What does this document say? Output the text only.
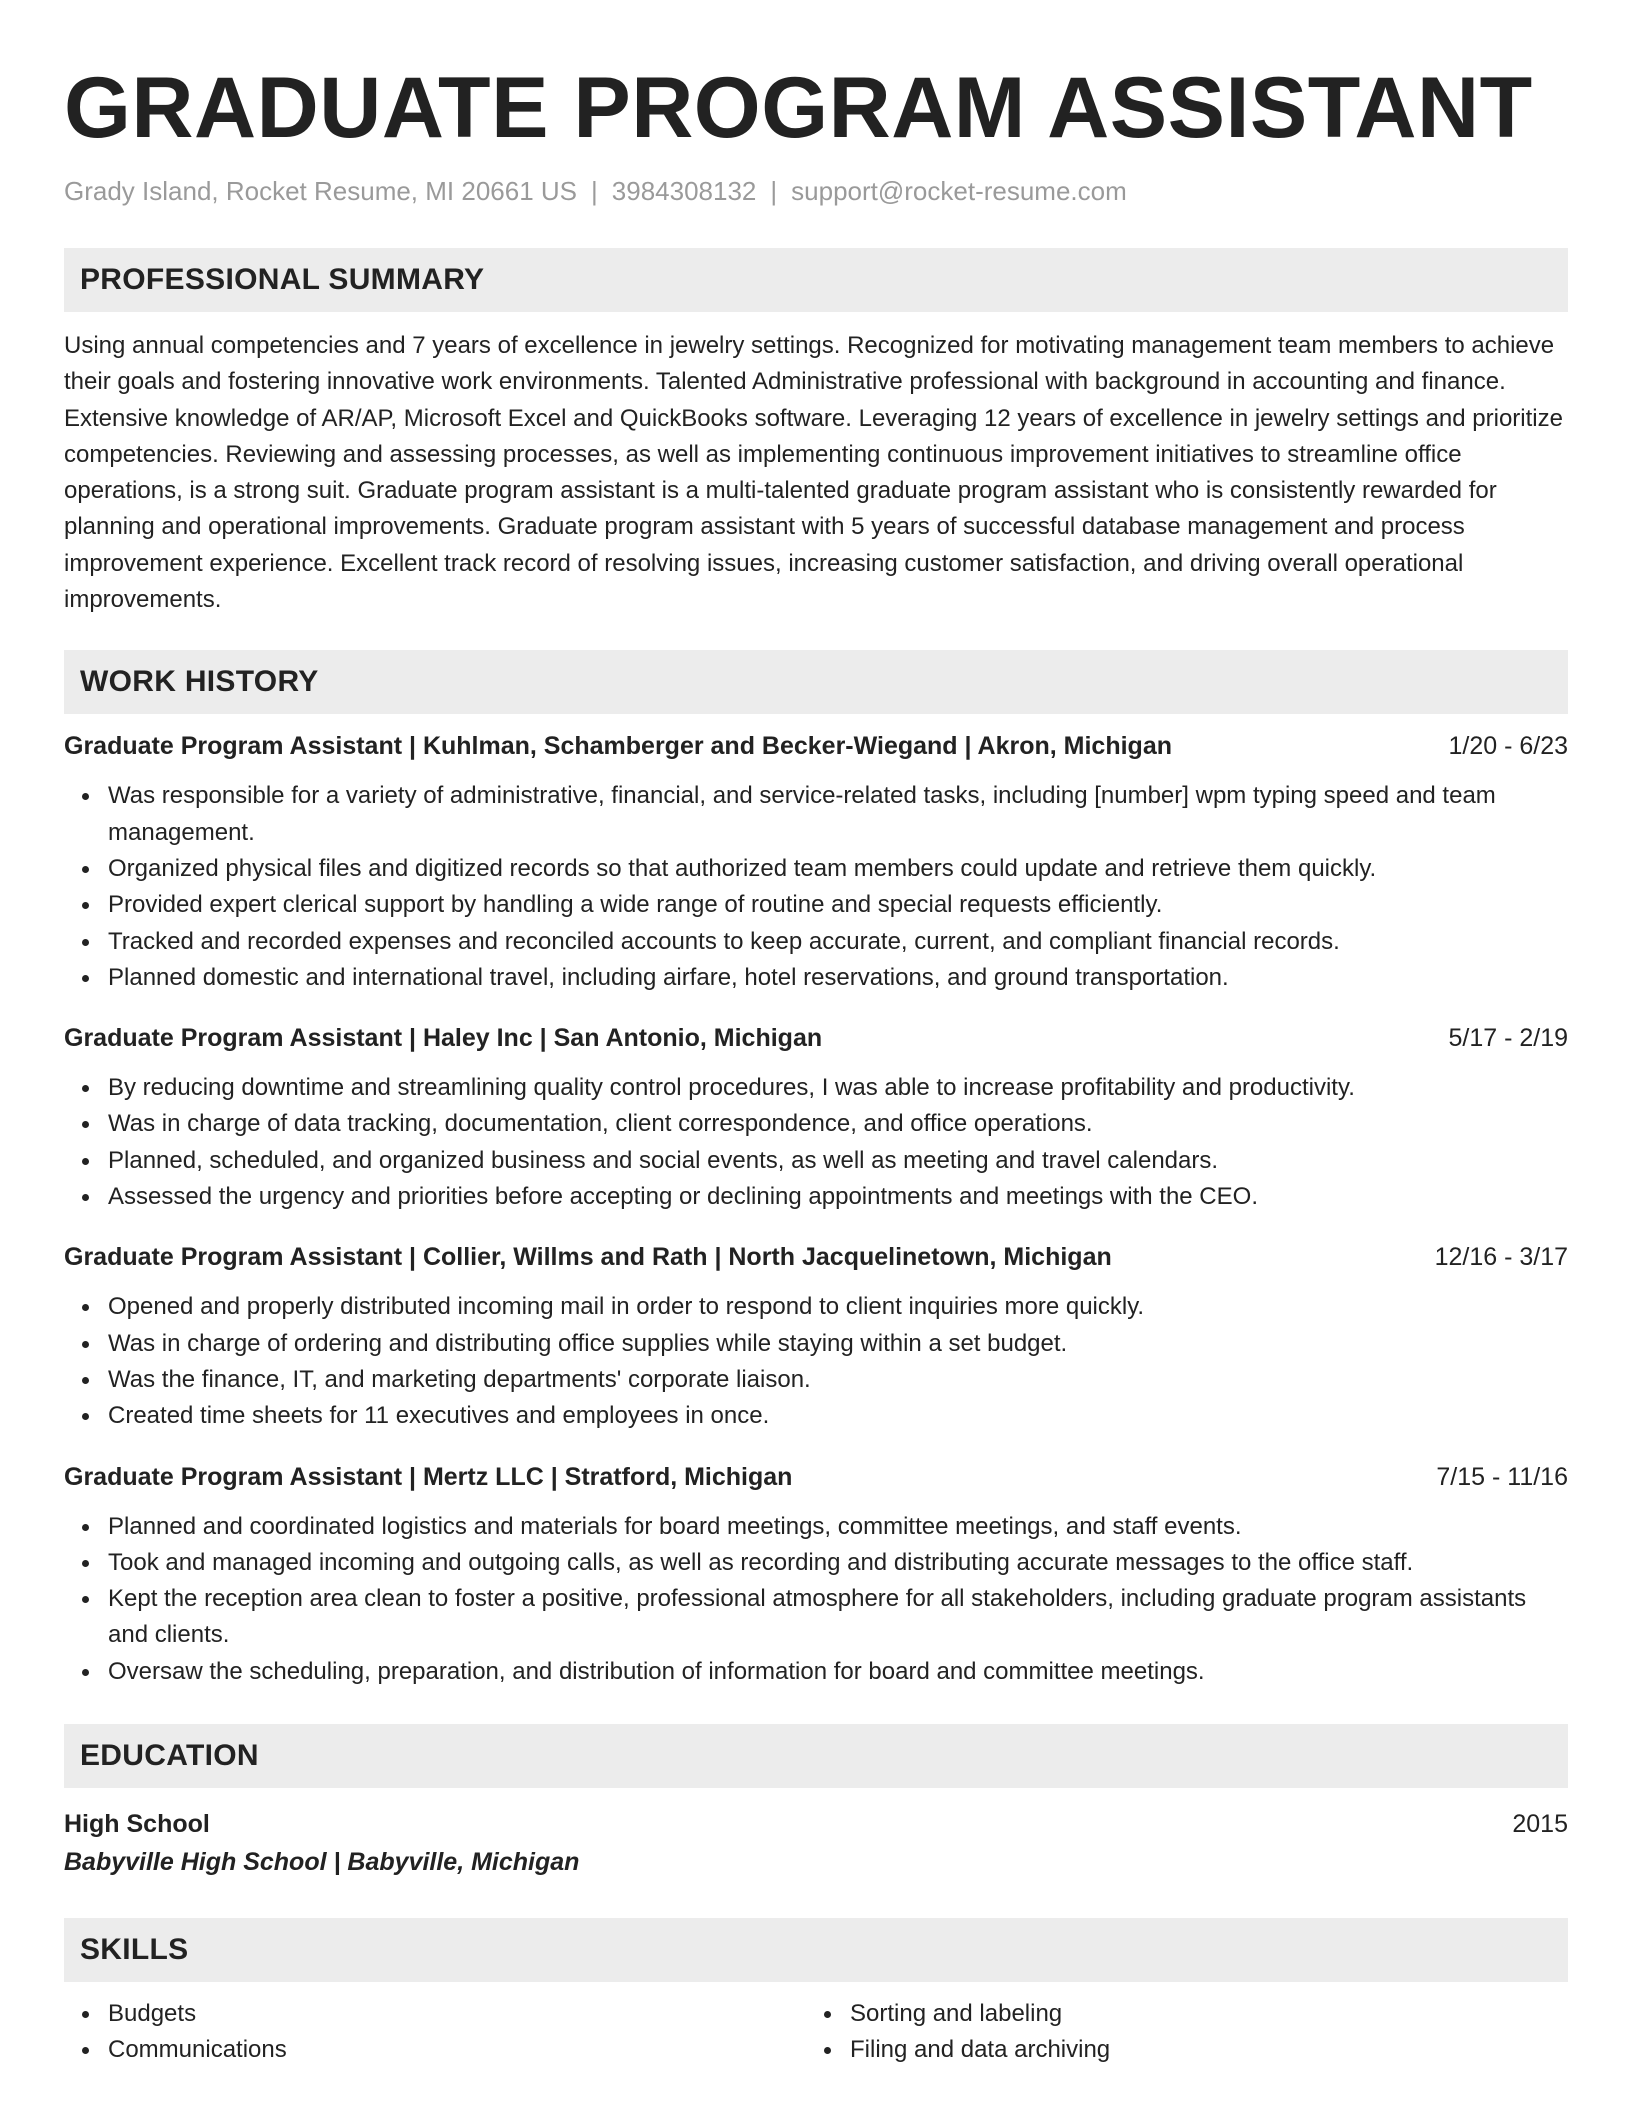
GRADUATE PROGRAM ASSISTANT
Grady Island, Rocket Resume, MI 20661 US | 3984308132 | support@rocket-resume.com
PROFESSIONAL SUMMARY
Using annual competencies and 7 years of excellence in jewelry settings. Recognized for motivating management team members to achieve their goals and fostering innovative work environments. Talented Administrative professional with background in accounting and finance. Extensive knowledge of AR/AP, Microsoft Excel and QuickBooks software. Leveraging 12 years of excellence in jewelry settings and prioritize competencies. Reviewing and assessing processes, as well as implementing continuous improvement initiatives to streamline office operations, is a strong suit. Graduate program assistant is a multi-talented graduate program assistant who is consistently rewarded for planning and operational improvements. Graduate program assistant with 5 years of successful database management and process improvement experience. Excellent track record of resolving issues, increasing customer satisfaction, and driving overall operational improvements.
WORK HISTORY
Graduate Program Assistant | Kuhlman, Schamberger and Becker-Wiegand | Akron, Michigan	1/20 - 6/23
Was responsible for a variety of administrative, financial, and service-related tasks, including [number] wpm typing speed and team management.
Organized physical files and digitized records so that authorized team members could update and retrieve them quickly.
Provided expert clerical support by handling a wide range of routine and special requests efficiently.
Tracked and recorded expenses and reconciled accounts to keep accurate, current, and compliant financial records.
Planned domestic and international travel, including airfare, hotel reservations, and ground transportation.
Graduate Program Assistant | Haley Inc | San Antonio, Michigan	5/17 - 2/19
By reducing downtime and streamlining quality control procedures, I was able to increase profitability and productivity.
Was in charge of data tracking, documentation, client correspondence, and office operations.
Planned, scheduled, and organized business and social events, as well as meeting and travel calendars.
Assessed the urgency and priorities before accepting or declining appointments and meetings with the CEO.
Graduate Program Assistant | Collier, Willms and Rath | North Jacquelinetown, Michigan	12/16 - 3/17
Opened and properly distributed incoming mail in order to respond to client inquiries more quickly.
Was in charge of ordering and distributing office supplies while staying within a set budget.
Was the finance, IT, and marketing departments' corporate liaison.
Created time sheets for 11 executives and employees in once.
Graduate Program Assistant | Mertz LLC | Stratford, Michigan	7/15 - 11/16
Planned and coordinated logistics and materials for board meetings, committee meetings, and staff events.
Took and managed incoming and outgoing calls, as well as recording and distributing accurate messages to the office staff.
Kept the reception area clean to foster a positive, professional atmosphere for all stakeholders, including graduate program assistants and clients.
Oversaw the scheduling, preparation, and distribution of information for board and committee meetings.
EDUCATION
High School	2015
Babyville High School | Babyville, Michigan
SKILLS
Budgets
Communications
Sorting and labeling
Filing and data archiving
